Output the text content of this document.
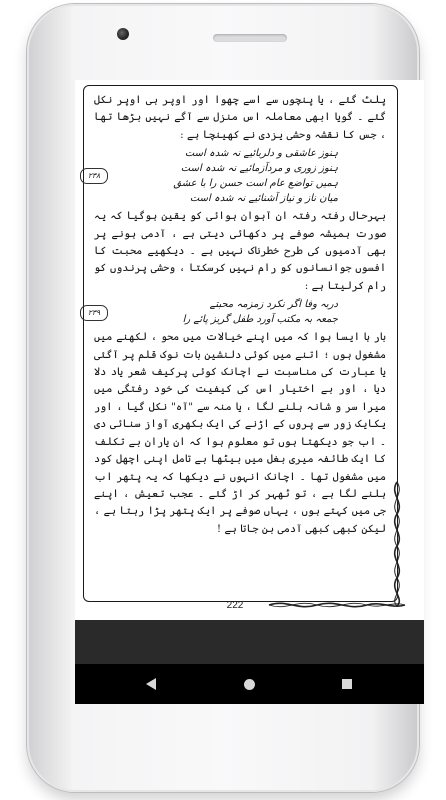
پلٹ گئے ، یا پنچوں سے اسے چھوا اور اوپر ہی اوپر نکل گئے ۔ گویا ابھی معاملہ اس منزل سے آگے نہیں بڑھا تھا ، جس کا نقشہ وحشی یزدی نے کھینچا ہے :

ہنوز عاشقی و دلربائیے نہ شدہ است
ہنوز زوری و مردآزمائیے نہ شدہ است
ہمیں تواضع عام است حسن را با عشق
میان ناز و نیاز آشنائیے نہ شدہ است
۲۳۸

بہرحال رفتہ رفتہ ان آہوان ہوائی کو یقین ہوگیا کہ یہ صورت ہمیشہ صوفے پر دکھائی دیتی ہے ، آدمی ہونے پر بھی آدمیوں کی طرح خطرناک نہیں ہے ۔ دیکھیے محبت کا افسوں جوانسانوں کو رام نہیں کرسکتا ، وحشی پرندوں کو رام کرلیتا ہے :

دربہ وفا اگر نکرد زمزمہ محبتے
جمعہ بہ مکتب آورد طفل گریز پائے را
۲۳۹

بار ہا ایسا ہوا کہ میں اپنے خیالات میں محو ، لکھنے میں مشغول ہوں ؛ اتنے میں کوئی دلنشین بات نوک قلم پر آگئی یا عبارت کی مناسبت نے اچانک کوئی پرکیف شعر یاد دلا دیا ، اور بے اختیار اس کی کیفیت کی خود رفتگی میں میرا سر و شانہ ہلنے لگا ، یا منہ سے "آہ" نکل گیا ، اور یکایک زور سے پروں کے اڑنے کی ایک بکھری آواز سنائی دی ۔ اب جو دیکھتا ہوں تو معلوم ہوا کہ ان یاران بے تکلف کا ایک طائفہ میری بغل میں بیٹھا بے تامل اپنی اچھل کود میں مشغول تھا ۔ اچانک انہوں نے دیکھا کہ یہ پتھر اب ہلنے لگا ہے ، تو ٹھہر کر اڑ گئے ۔ عجب تعیش ، اپنے جی میں کہتے ہوں ، یہاں صوفے پر ایک پتھر پڑا رہتا ہے ، لیکن کبھی کبھی آدمی بن جاتا ہے !

222
